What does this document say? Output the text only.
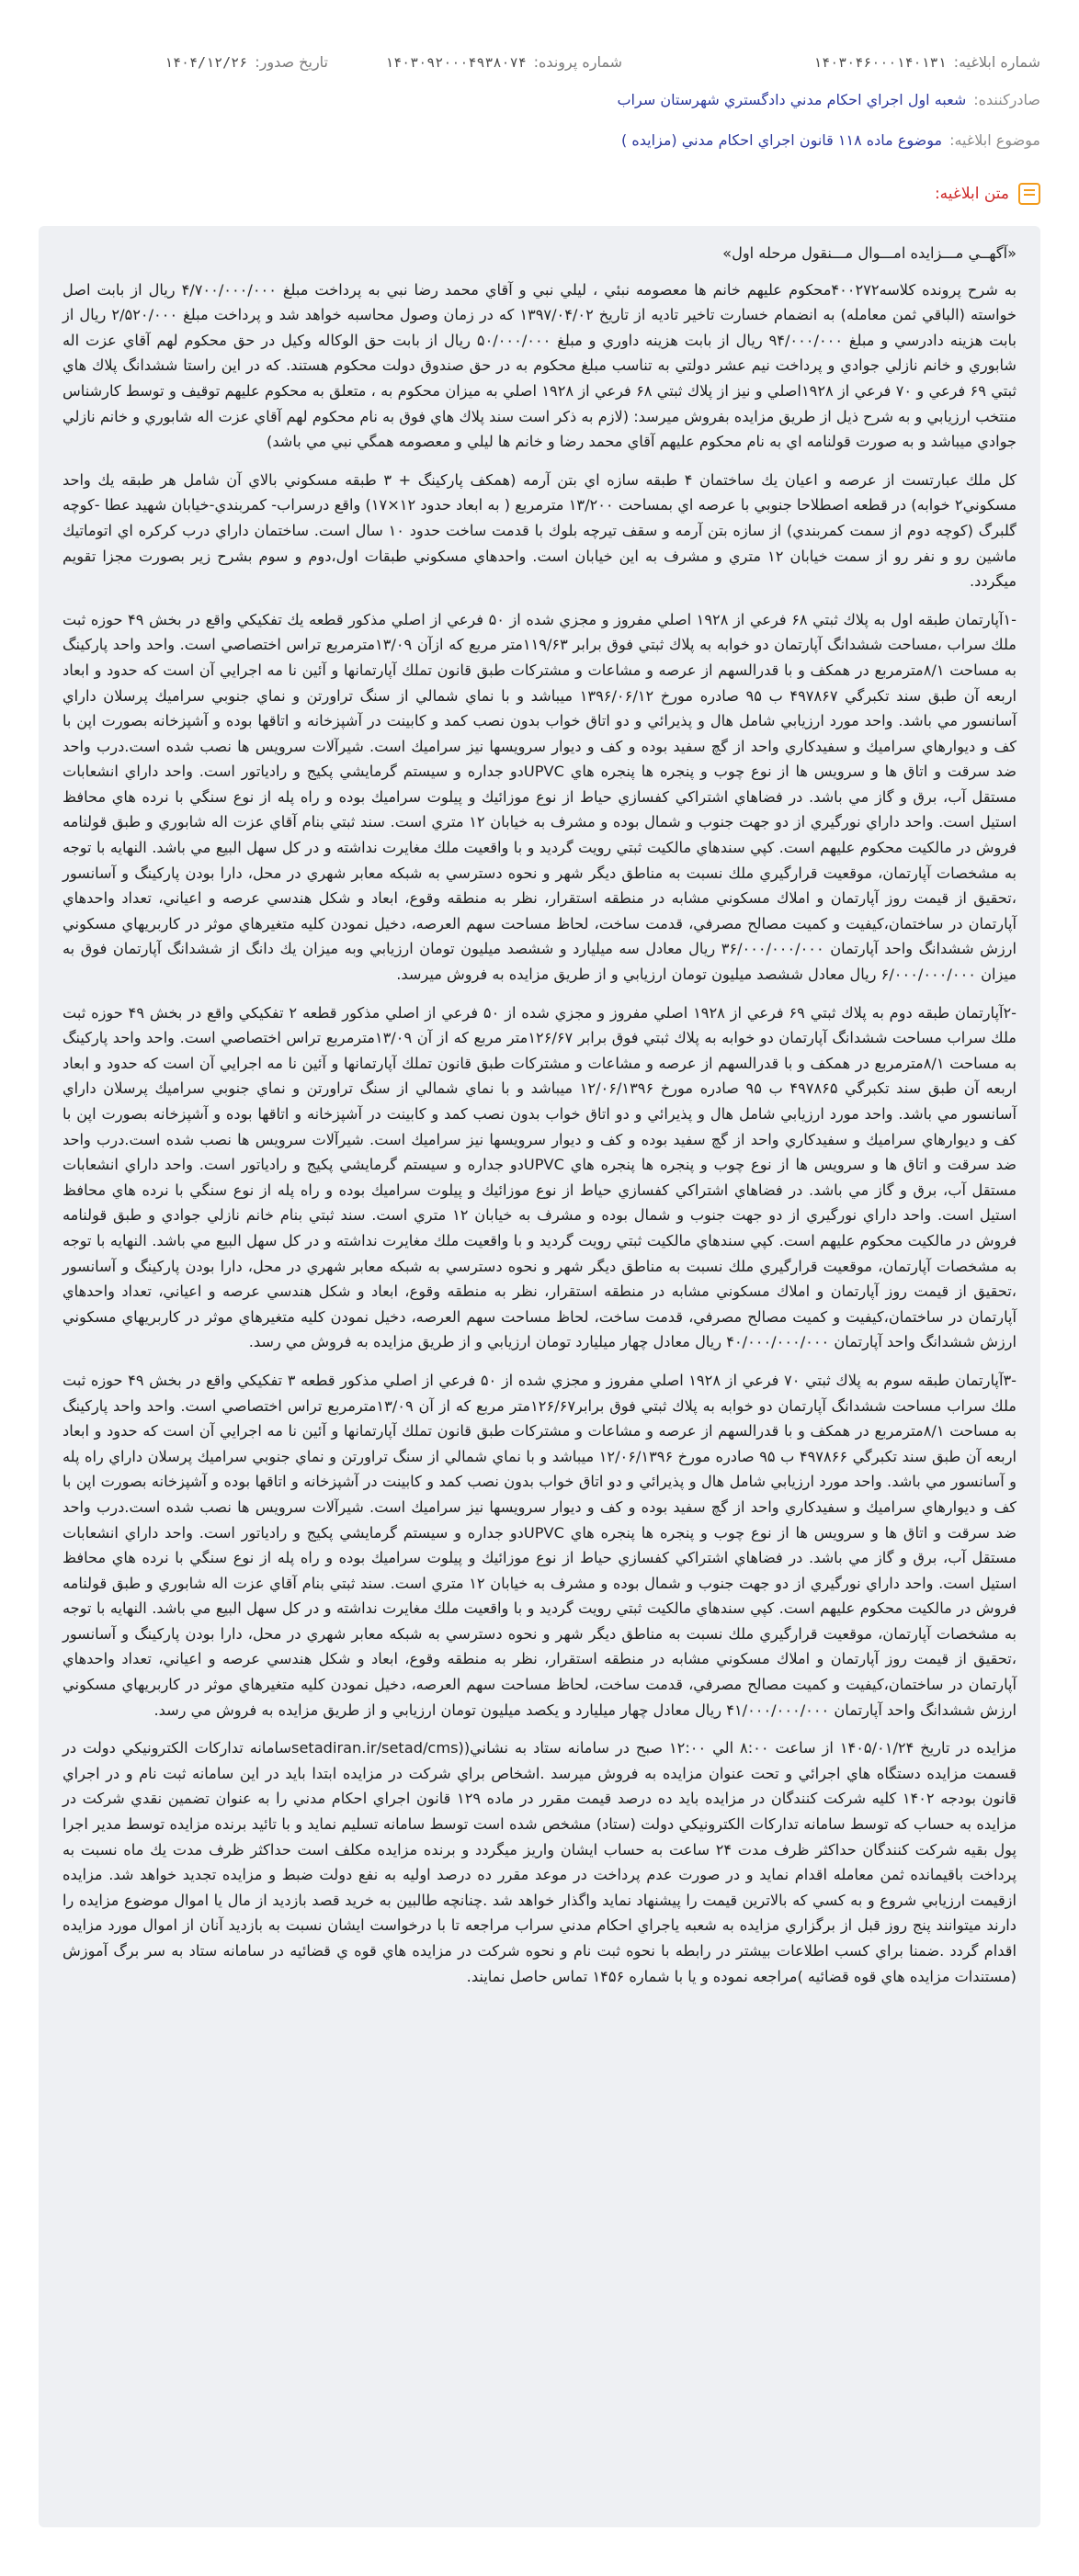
شماره ابلاغیه:
۱۴۰۳۰۴۶۰۰۰۱۴۰۱۳۱
شماره پرونده:
۱۴۰۳۰۹۲۰۰۰۴۹۳۸۰۷۴
تاریخ صدور:
۱۴۰۴/۱۲/۲۶
صادرکننده:
شعبه اول اجراي احكام مدني دادگستري شهرستان سراب
موضوع ابلاغیه:
موضوع ماده ۱۱۸ قانون اجراي احكام مدني (مزايده )
متن ابلاغیه:

«آگهــي مـــزايده امـــوال مـــنقول مرحله اول»

به شرح پرونده كلاسه۴۰۰۲۷۲محكوم عليهم خانم ها معصومه نبئي ، ليلي نبي و آقاي محمد رضا نبي به پرداخت مبلغ ۴/۷۰۰/۰۰۰/۰۰۰ ريال از بابت اصل خواسته (الباقي ثمن معامله) به انضمام خسارت تاخير تاديه از تاريخ ۱۳۹۷/۰۴/۰۲ كه در زمان وصول محاسبه خواهد شد و پرداخت مبلغ ۲/۵۲۰/۰۰۰ ريال از بابت هزينه دادرسي و مبلغ ۹۴/۰۰۰/۰۰۰ ريال از بابت هزينه داوري و مبلغ ۵۰/۰۰۰/۰۰۰ ريال از بابت حق الوكاله وكيل در حق محكوم لهم آقاي عزت اله شابوري و خانم نازلي جوادي و پرداخت نيم عشر دولتي به تناسب مبلغ محكوم به در حق صندوق دولت محكوم هستند. كه در اين راستا ششدانگ پلاك هاي ثبتي ۶۹ فرعي و ۷۰ فرعي از ۱۹۲۸اصلي و نيز از پلاك ثبتي ۶۸ فرعي از ۱۹۲۸ اصلي به ميزان محكوم به ، متعلق به محكوم عليهم توقيف و توسط كارشناس منتخب ارزيابي و به شرح ذيل از طريق مزايده بفروش ميرسد: (لازم به ذكر است سند پلاك هاي فوق به نام محكوم لهم آقاي عزت اله شابوري و خانم نازلي جوادي ميباشد و به صورت قولنامه اي به نام محكوم عليهم آقاي محمد رضا و خانم ها ليلي و معصومه همگي نبي مي باشد)

كل ملك عبارتست از عرصه و اعيان يك ساختمان ۴ طبقه سازه اي بتن آرمه (همكف پاركينگ + ۳ طبقه مسكوني بالاي آن شامل هر طبقه يك واحد مسكوني۲ خوابه) در قطعه اصطلاحا جنوبي با عرصه اي بمساحت ۱۳/۲۰۰ مترمربع ( به ابعاد حدود ۱۲×۱۷) واقع درسراب- كمربندي-خيابان شهيد عطا -كوچه گلبرگ (كوچه دوم از سمت كمربندي) از سازه بتن آرمه و سقف تيرچه بلوك با قدمت ساخت حدود ۱۰ سال است. ساختمان داراي درب كركره اي اتوماتيك ماشين رو و نفر رو از سمت خيابان ۱۲ متري و مشرف به اين خيابان است. واحدهاي مسكوني طبقات اول،دوم و سوم بشرح زير بصورت مجزا تقويم ميگردد.

-۱آپارتمان طبقه اول به پلاك ثبتي ۶۸ فرعي از ۱۹۲۸ اصلي مفروز و مجزي شده از ۵۰ فرعي از اصلي مذكور قطعه يك تفكيكي واقع در بخش ۴۹ حوزه ثبت ملك سراب ،مساحت ششدانگ آپارتمان دو خوابه به پلاك ثبتي فوق برابر ۱۱۹/۶۳متر مربع كه ازآن ۱۳/۰۹مترمربع تراس اختصاصي است. واحد واحد پاركينگ به مساحت ۸/۱مترمربع در همكف و با قدرالسهم از عرصه و مشاعات و مشتركات طبق قانون تملك آپارتمانها و آئين نا مه اجرايي آن است كه حدود و ابعاد اربعه آن طبق سند تكبرگي ۴۹۷۸۶۷ ب ۹۵ صادره مورخ ۱۳۹۶/۰۶/۱۲ ميباشد و با نماي شمالي از سنگ تراورتن و نماي جنوبي سراميك پرسلان داراي آسانسور مي باشد. واحد مورد ارزيابي شامل هال و پذيرائي و دو اتاق خواب بدون نصب كمد و كابينت در آشپزخانه و اتاقها بوده و آشپزخانه بصورت اپن با كف و ديوارهاي سراميك و سفيدكاري واحد از گچ سفيد بوده و كف و ديوار سرويسها نيز سراميك است. شيرآلات سرويس ها نصب شده است.درب واحد ضد سرقت و اتاق ها و سرويس ها از نوع چوب و پنجره ها پنجره هاي UPVCدو جداره و سيستم گرمايشي پكيج و رادياتور است. واحد داراي انشعابات مستقل آب، برق و گاز مي باشد. در فضاهاي اشتراكي كفسازي حياط از نوع موزائيك و پيلوت سراميك بوده و راه پله از نوع سنگي با نرده هاي محافظ استيل است. واحد داراي نورگيري از دو جهت جنوب و شمال بوده و مشرف به خيابان ۱۲ متري است. سند ثبتي بنام آقاي عزت اله شابوري و طبق قولنامه فروش در مالكيت محكوم عليهم است. كپي سندهاي مالكيت ثبتي رويت گرديد و با واقعيت ملك مغايرت نداشته و در كل سهل البيع مي باشد. النهايه با توجه به مشخصات آپارتمان، موقعيت قرارگيري ملك نسبت به مناطق ديگر شهر و نحوه دسترسي به شبكه معابر شهري در محل، دارا بودن پاركينگ و آسانسور ،تحقيق از قيمت روز آپارتمان و املاك مسكوني مشابه در منطقه استقرار، نظر به منطقه وقوع، ابعاد و شكل هندسي عرصه و اعياني، تعداد واحدهاي آپارتمان در ساختمان،كيفيت و كميت مصالح مصرفي، قدمت ساخت، لحاظ مساحت سهم العرصه، دخيل نمودن كليه متغيرهاي موثر در كاربريهاي مسكوني ارزش ششدانگ واحد آپارتمان ۳۶/۰۰۰/۰۰۰/۰۰۰ ريال معادل سه ميليارد و ششصد ميليون تومان ارزيابي وبه ميزان يك دانگ از ششدانگ آپارتمان فوق به ميزان ۶/۰۰۰/۰۰۰/۰۰۰ ريال معادل ششصد ميليون تومان ارزيابي و از طريق مزايده به فروش ميرسد.

-۲آپارتمان طبقه دوم به پلاك ثبتي ۶۹ فرعي از ۱۹۲۸ اصلي مفروز و مجزي شده از ۵۰ فرعي از اصلي مذكور قطعه ۲ تفكيكي واقع در بخش ۴۹ حوزه ثبت ملك سراب مساحت ششدانگ آپارتمان دو خوابه به پلاك ثبتي فوق برابر ۱۲۶/۶۷متر مربع كه از آن ۱۳/۰۹مترمربع تراس اختصاصي است. واحد واحد پاركينگ به مساحت ۸/۱مترمربع در همكف و با قدرالسهم از عرصه و مشاعات و مشتركات طبق قانون تملك آپارتمانها و آئين نا مه اجرايي آن است كه حدود و ابعاد اربعه آن طبق سند تكبرگي ۴۹۷۸۶۵ ب ۹۵ صادره مورخ ۱۲/۰۶/۱۳۹۶ ميباشد و با نماي شمالي از سنگ تراورتن و نماي جنوبي سراميك پرسلان داراي آسانسور مي باشد. واحد مورد ارزيابي شامل هال و پذيرائي و دو اتاق خواب بدون نصب كمد و كابينت در آشپزخانه و اتاقها بوده و آشپزخانه بصورت اپن با كف و ديوارهاي سراميك و سفيدكاري واحد از گچ سفيد بوده و كف و ديوار سرويسها نيز سراميك است. شيرآلات سرويس ها نصب شده است.درب واحد ضد سرقت و اتاق ها و سرويس ها از نوع چوب و پنجره ها پنجره هاي UPVCدو جداره و سيستم گرمايشي پكيج و رادياتور است. واحد داراي انشعابات مستقل آب، برق و گاز مي باشد. در فضاهاي اشتراكي كفسازي حياط از نوع موزائيك و پيلوت سراميك بوده و راه پله از نوع سنگي با نرده هاي محافظ استيل است. واحد داراي نورگيري از دو جهت جنوب و شمال بوده و مشرف به خيابان ۱۲ متري است. سند ثبتي بنام خانم نازلي جوادي و طبق قولنامه فروش در مالكيت محكوم عليهم است. كپي سندهاي مالكيت ثبتي رويت گرديد و با واقعيت ملك مغايرت نداشته و در كل سهل البيع مي باشد. النهايه با توجه به مشخصات آپارتمان، موقعيت قرارگيري ملك نسبت به مناطق ديگر شهر و نحوه دسترسي به شبكه معابر شهري در محل، دارا بودن پاركينگ و آسانسور ،تحقيق از قيمت روز آپارتمان و املاك مسكوني مشابه در منطقه استقرار، نظر به منطقه وقوع، ابعاد و شكل هندسي عرصه و اعياني، تعداد واحدهاي آپارتمان در ساختمان،كيفيت و كميت مصالح مصرفي، قدمت ساخت، لحاظ مساحت سهم العرصه، دخيل نمودن كليه متغيرهاي موثر در كاربريهاي مسكوني ارزش ششدانگ واحد آپارتمان ۴۰/۰۰۰/۰۰۰/۰۰۰ ريال معادل چهار ميليارد تومان ارزيابي و از طريق مزايده به فروش مي رسد.

-۳آپارتمان طبقه سوم به پلاك ثبتي ۷۰ فرعي از ۱۹۲۸ اصلي مفروز و مجزي شده از ۵۰ فرعي از اصلي مذكور قطعه ۳ تفكيكي واقع در بخش ۴۹ حوزه ثبت ملك سراب مساحت ششدانگ آپارتمان دو خوابه به پلاك ثبتي فوق برابر۱۲۶/۶۷متر مربع كه از آن ۱۳/۰۹مترمربع تراس اختصاصي است. واحد واحد پاركينگ به مساحت ۸/۱مترمربع در همكف و با قدرالسهم از عرصه و مشاعات و مشتركات طبق قانون تملك آپارتمانها و آئين نا مه اجرايي آن است كه حدود و ابعاد اربعه آن طبق سند تكبرگي ۴۹۷۸۶۶ ب ۹۵ صادره مورخ ۱۲/۰۶/۱۳۹۶ ميباشد و با نماي شمالي از سنگ تراورتن و نماي جنوبي سراميك پرسلان داراي راه پله و آسانسور مي باشد. واحد مورد ارزيابي شامل هال و پذيرائي و دو اتاق خواب بدون نصب كمد و كابينت در آشپزخانه و اتاقها بوده و آشپزخانه بصورت اپن با كف و ديوارهاي سراميك و سفيدكاري واحد از گچ سفيد بوده و كف و ديوار سرويسها نيز سراميك است. شيرآلات سرويس ها نصب شده است.درب واحد ضد سرقت و اتاق ها و سرويس ها از نوع چوب و پنجره ها پنجره هاي UPVCدو جداره و سيستم گرمايشي پكيج و رادياتور است. واحد داراي انشعابات مستقل آب، برق و گاز مي باشد. در فضاهاي اشتراكي كفسازي حياط از نوع موزائيك و پيلوت سراميك بوده و راه پله از نوع سنگي با نرده هاي محافظ استيل است. واحد داراي نورگيري از دو جهت جنوب و شمال بوده و مشرف به خيابان ۱۲ متري است. سند ثبتي بنام آقاي عزت اله شابوري و طبق قولنامه فروش در مالكيت محكوم عليهم است. كپي سندهاي مالكيت ثبتي رويت گرديد و با واقعيت ملك مغايرت نداشته و در كل سهل البيع مي باشد. النهايه با توجه به مشخصات آپارتمان، موقعيت قرارگيري ملك نسبت به مناطق ديگر شهر و نحوه دسترسي به شبكه معابر شهري در محل، دارا بودن پاركينگ و آسانسور ،تحقيق از قيمت روز آپارتمان و املاك مسكوني مشابه در منطقه استقرار، نظر به منطقه وقوع، ابعاد و شكل هندسي عرصه و اعياني، تعداد واحدهاي آپارتمان در ساختمان،كيفيت و كميت مصالح مصرفي، قدمت ساخت، لحاظ مساحت سهم العرصه، دخيل نمودن كليه متغيرهاي موثر در كاربريهاي مسكوني ارزش ششدانگ واحد آپارتمان ۴۱/۰۰۰/۰۰۰/۰۰۰ ريال معادل چهار ميليارد و يكصد ميليون تومان ارزيابي و از طريق مزايده به فروش مي رسد.

مزايده در تاريخ ۱۴۰۵/۰۱/۲۴ از ساعت ۸:۰۰ الي ۱۲:۰۰ صبح در سامانه ستاد به نشاني((setadiran.ir/setad/cmsسامانه تداركات الكترونيكي دولت در قسمت مزايده دستگاه هاي اجرائي و تحت عنوان مزايده به فروش ميرسد .اشخاص براي شركت در مزايده ابتدا بايد در اين سامانه ثبت نام و در اجراي قانون بودجه ۱۴۰۲ كليه شركت كنندگان در مزايده بايد ده درصد قيمت مقرر در ماده ۱۲۹ قانون اجراي احكام مدني را به عنوان تضمين نقدي شركت در مزايده به حساب كه توسط سامانه تداركات الكترونيكي دولت (ستاد) مشخص شده است توسط سامانه تسليم نمايد و با تائيد برنده مزايده توسط مدير اجرا پول بقيه شركت كنندگان حداكثر ظرف مدت ۲۴ ساعت به حساب ايشان واريز ميگردد و برنده مزايده مكلف است حداكثر ظرف مدت يك ماه نسبت به پرداخت باقيمانده ثمن معامله اقدام نمايد و در صورت عدم پرداخت در موعد مقرر ده درصد اوليه به نفع دولت ضبط و مزايده تجديد خواهد شد. مزايده ازقيمت ارزيابي شروع و به كسي كه بالاترين قيمت را پيشنهاد نمايد واگذار خواهد شد .چنانچه طالبين به خريد قصد بازديد از مال يا اموال موضوع مزايده را دارند ميتوانند پنج روز قبل از برگزاري مزايده به شعبه ياجراي احكام مدني سراب مراجعه تا با درخواست ايشان نسبت به بازديد آنان از اموال مورد مزايده اقدام گردد .ضمنا براي كسب اطلاعات بيشتر در رابطه با نحوه ثبت نام و نحوه شركت در مزايده هاي قوه ي قضائيه در سامانه ستاد به سر برگ آموزش (مستندات مزايده هاي قوه قضائيه )مراجعه نموده و يا با شماره ۱۴۵۶ تماس حاصل نمايند.
